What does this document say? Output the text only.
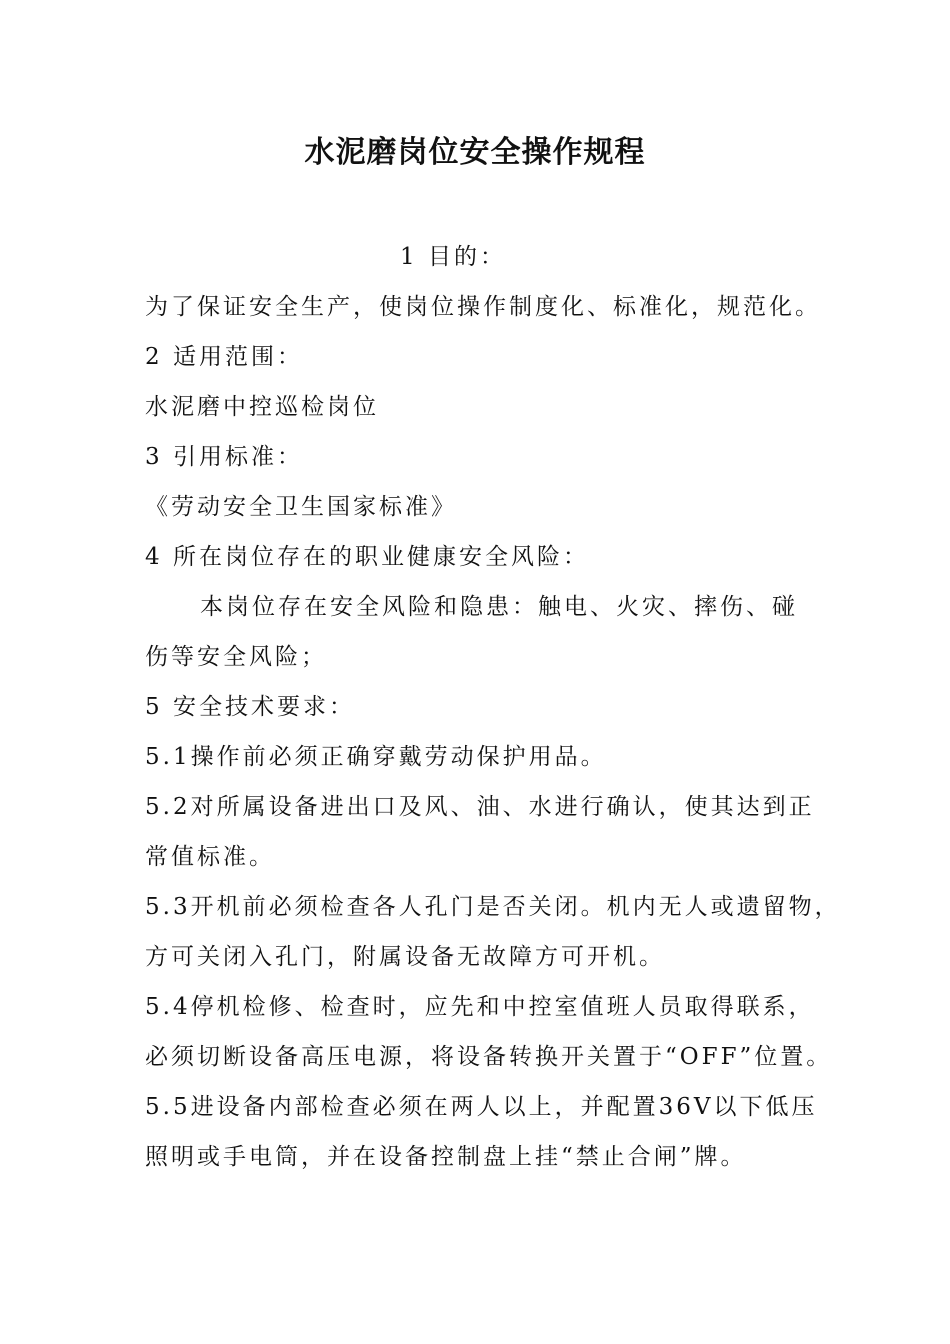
水泥磨岗位安全操作规程
1 目的：
为了保证安全生产，使岗位操作制度化、标准化，规范化。
2 适用范围：
水泥磨中控巡检岗位
3 引用标准：
《劳动安全卫生国家标准》
4 所在岗位存在的职业健康安全风险：
本岗位存在安全风险和隐患：触电、火灾、摔伤、碰
伤等安全风险；
5 安全技术要求：
5.1操作前必须正确穿戴劳动保护用品。
5.2对所属设备进出口及风、油、水进行确认，使其达到正
常值标准。
5.3开机前必须检查各人孔门是否关闭。机内无人或遗留物，
方可关闭入孔门，附属设备无故障方可开机。
5.4停机检修、检查时，应先和中控室值班人员取得联系，
必须切断设备高压电源，将设备转换开关置于“OFF”位置。
5.5进设备内部检查必须在两人以上，并配置36V以下低压
照明或手电筒，并在设备控制盘上挂“禁止合闸”牌。
